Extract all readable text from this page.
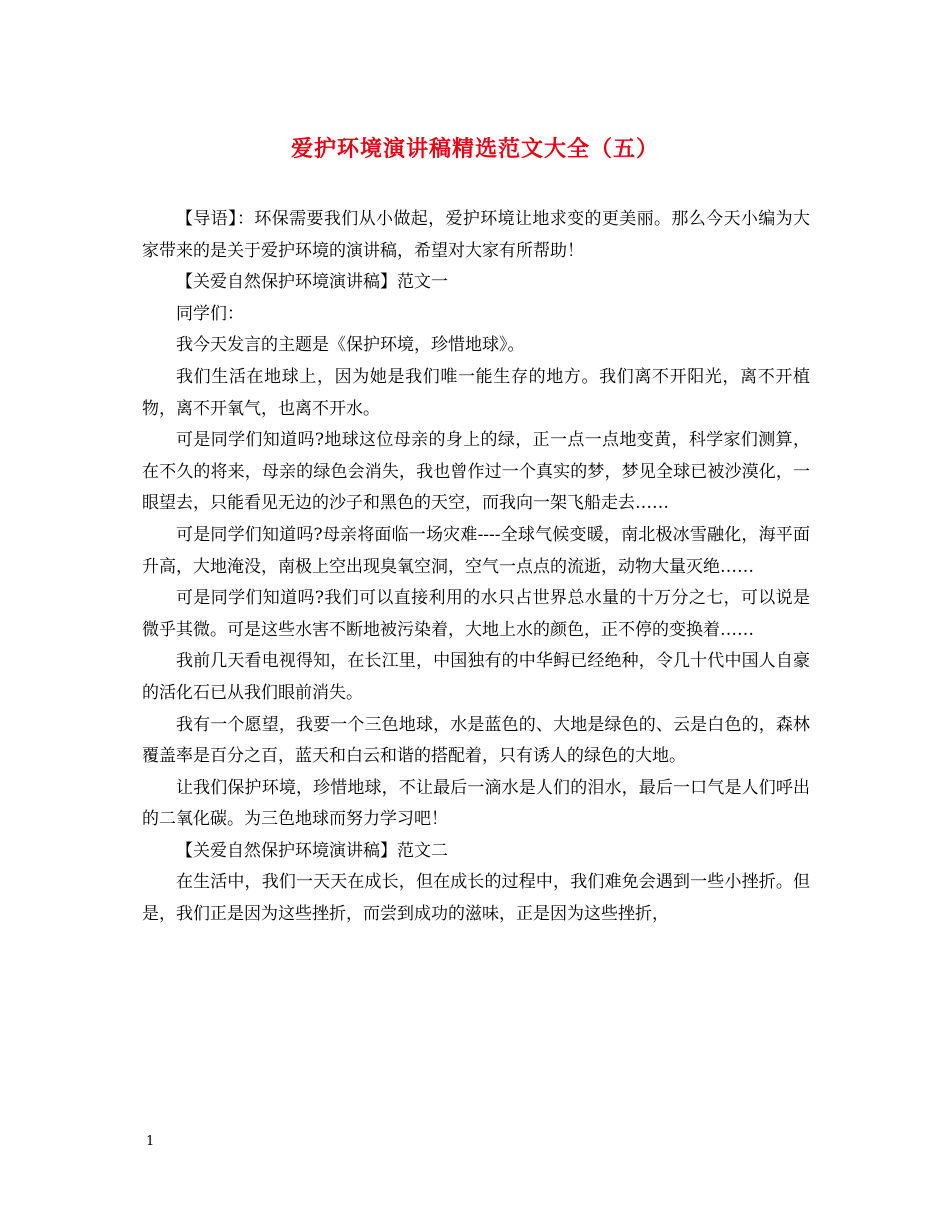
爱护环境演讲稿精选范文大全（五）

【导语】：环保需要我们从小做起，爱护环境让地求变的更美丽。那么今天小编为大家带来的是关于爱护环境的演讲稿，希望对大家有所帮助！

【关爱自然保护环境演讲稿】范文一

同学们：

我今天发言的主题是《保护环境，珍惜地球》。

我们生活在地球上，因为她是我们唯一能生存的地方。我们离不开阳光，离不开植物，离不开氧气，也离不开水。

可是同学们知道吗?地球这位母亲的身上的绿，正一点一点地变黄，科学家们测算，在不久的将来，母亲的绿色会消失，我也曾作过一个真实的梦，梦见全球已被沙漠化，一眼望去，只能看见无边的沙子和黑色的天空，而我向一架飞船走去……

可是同学们知道吗?母亲将面临一场灾难----全球气候变暖，南北极冰雪融化，海平面升高，大地淹没，南极上空出现臭氧空洞，空气一点点的流逝，动物大量灭绝……

可是同学们知道吗?我们可以直接利用的水只占世界总水量的十万分之七，可以说是微乎其微。可是这些水害不断地被污染着，大地上水的颜色，正不停的变换着……

我前几天看电视得知，在长江里，中国独有的中华鲟已经绝种，令几十代中国人自豪的活化石已从我们眼前消失。

我有一个愿望，我要一个三色地球，水是蓝色的、大地是绿色的、云是白色的，森林覆盖率是百分之百，蓝天和白云和谐的搭配着，只有诱人的绿色的大地。

让我们保护环境，珍惜地球，不让最后一滴水是人们的泪水，最后一口气是人们呼出的二氧化碳。为三色地球而努力学习吧！

【关爱自然保护环境演讲稿】范文二

在生活中，我们一天天在成长，但在成长的过程中，我们难免会遇到一些小挫折。但是，我们正是因为这些挫折，而尝到成功的滋味，正是因为这些挫折，

1
